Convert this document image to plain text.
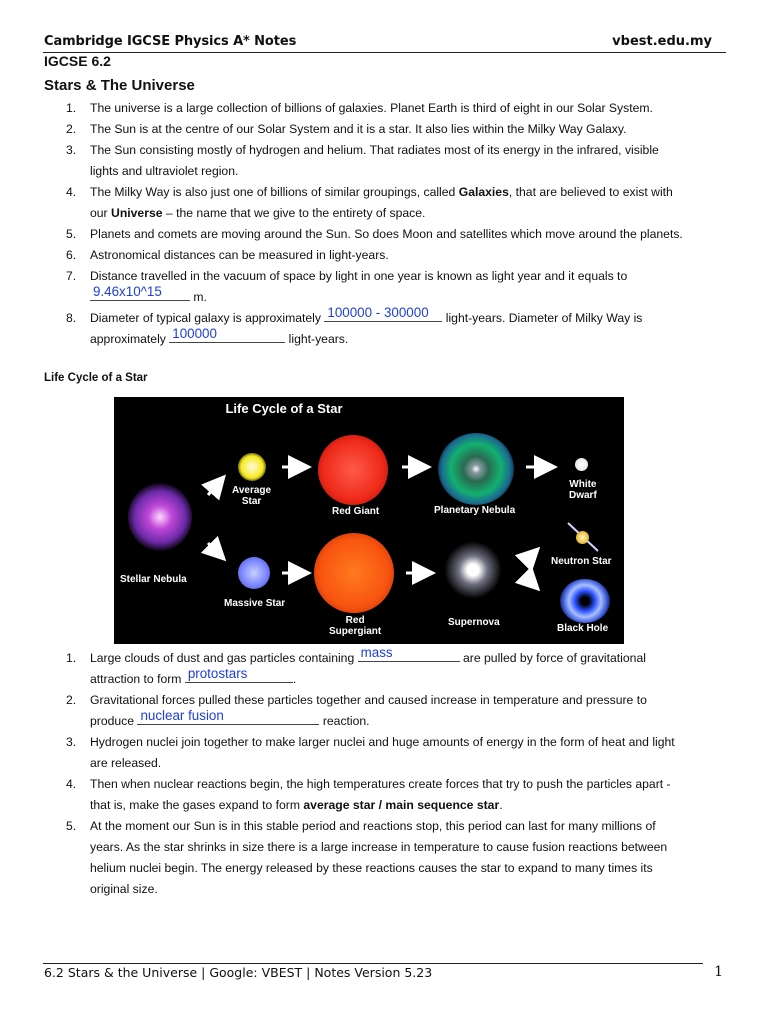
Cambridge IGCSE Physics A* Notes	vbest.edu.my
IGCSE 6.2
Stars & The Universe
1. The universe is a large collection of billions of galaxies. Planet Earth is third of eight in our Solar System.
2. The Sun is at the centre of our Solar System and it is a star. It also lies within the Milky Way Galaxy.
3. The Sun consisting mostly of hydrogen and helium. That radiates most of its energy in the infrared, visible
lights and ultraviolet region.
4. The Milky Way is also just one of billions of similar groupings, called Galaxies, that are believed to exist with
our Universe – the name that we give to the entirety of space.
5. Planets and comets are moving around the Sun. So does Moon and satellites which move around the planets.
6. Astronomical distances can be measured in light-years.
7. Distance travelled in the vacuum of space by light in one year is known as light year and it equals to

9.46x10^15 m.
8. Diameter of typical galaxy is approximately 100000 - 300000 light-years. Diameter of Milky Way is
approximately 100000	light-years.
Life Cycle of a Star
Life Cycle of a Star
Stellar Nebula
Average
Star
Red Giant	Planetary Nebula
White
Dwarf
Massive Star
Red
Supergiant
Supernova
Neutron Star
Black Hole
1. Large clouds of dust and gas particles containing mass	are pulled by force of gravitational
attraction to form protostars	.
2. Gravitational forces pulled these particles together and caused increase in temperature and pressure to
produce nuclear fusion	reaction.
3. Hydrogen nuclei join together to make larger nuclei and huge amounts of energy in the form of heat and light
are released.
4. Then when nuclear reactions begin, the high temperatures create forces that try to push the particles apart -
that is, make the gases expand to form average star / main sequence star.
5. At the moment our Sun is in this stable period and reactions stop, this period can last for many millions of
years. As the star shrinks in size there is a large increase in temperature to cause fusion reactions between
helium nuclei begin. The energy released by these reactions causes the star to expand to many times its
original size.
6.2 Stars & the Universe | Google: VBEST | Notes Version 5.23	1
